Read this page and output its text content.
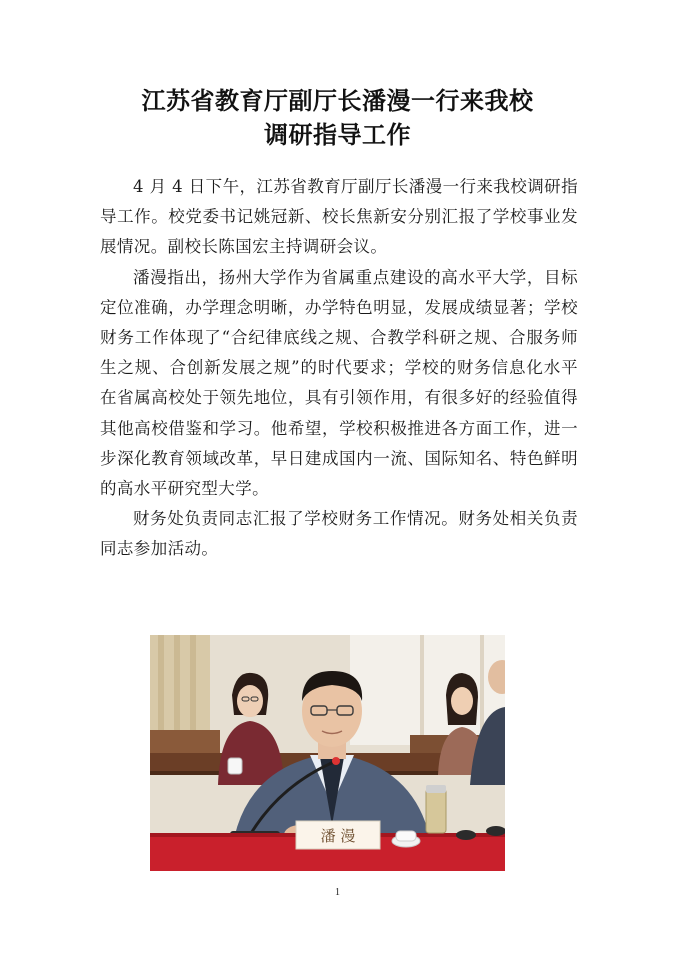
江苏省教育厅副厅长潘漫一行来我校
调研指导工作

4 月 4 日下午，江苏省教育厅副厅长潘漫一行来我校调研指导工作。校党委书记姚冠新、校长焦新安分别汇报了学校事业发展情况。副校长陈国宏主持调研会议。

潘漫指出，扬州大学作为省属重点建设的高水平大学，目标定位准确，办学理念明晰，办学特色明显，发展成绩显著；学校财务工作体现了“合纪律底线之规、合教学科研之规、合服务师生之规、合创新发展之规”的时代要求；学校的财务信息化水平在省属高校处于领先地位，具有引领作用，有很多好的经验值得其他高校借鉴和学习。他希望，学校积极推进各方面工作，进一步深化教育领域改革，早日建成国内一流、国际知名、特色鲜明的高水平研究型大学。

财务处负责同志汇报了学校财务工作情况。财务处相关负责同志参加活动。

潘 漫
1
